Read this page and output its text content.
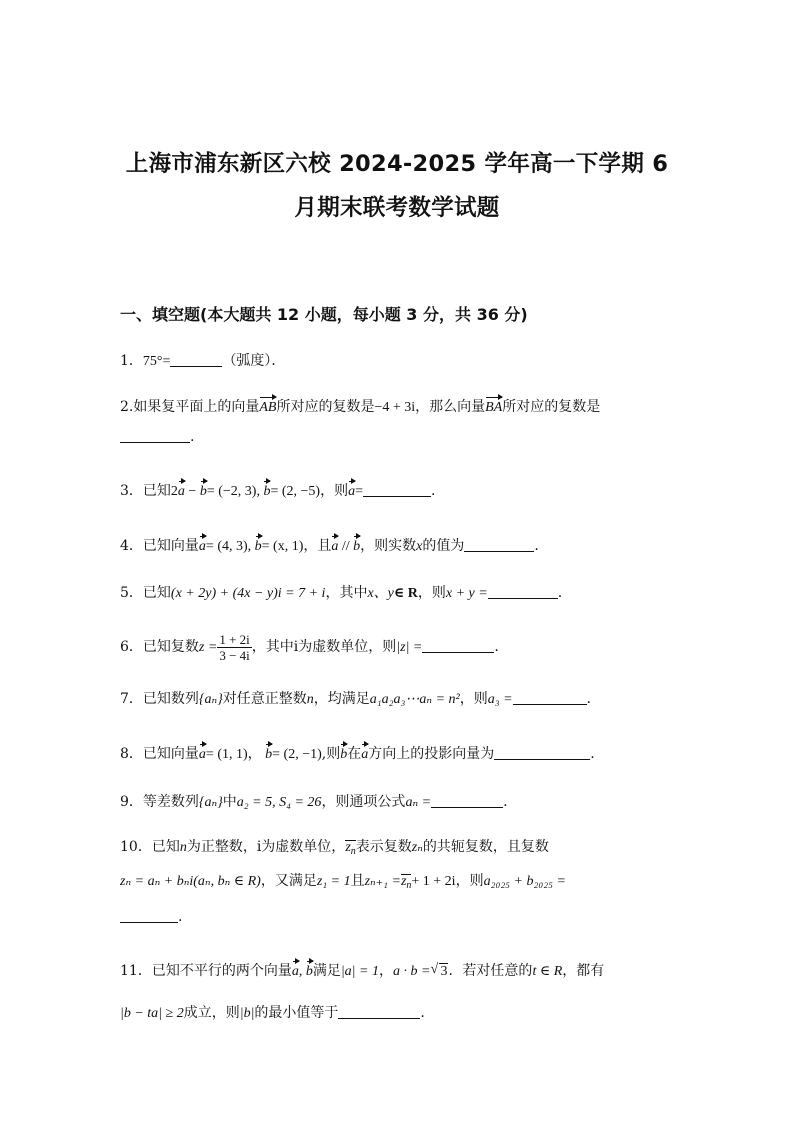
上海市浦东新区六校 2024-2025 学年高一下学期 6
月期末联考数学试题
一、填空题(本大题共 12 小题，每小题 3 分，共 36 分)
1．75°=	（弧度）．
2.如果复平面上的向量AB所对应的复数是−4 + 3i，那么向量BA所对应的复数是
.
3．已知2a − b= (−2, 3), b= (2, −5)，则a=	.
4．已知向量a= (4, 3), b= (x, 1)，且a // b，则实数x的值为	.
5．已知(x + 2y) + (4x − y)i = 7 + i，其中x、y∈ R，则x + y =	.
6．已知复数$z = \frac{1 + 2i}{3 - 4i}$ ，其中i为虚数单位，则|z| =	.
7．已知数列{aₙ}对任意正整数n，均满足a₁a₂a₃⋯aₙ = n²，则a₃ =	.
8．已知向量a= (1, 1)， b= (2, −1),则b在a方向上的投影向量为	.
9．等差数列{aₙ}中a₂ = 5, S₄ = 26，则通项公式aₙ =	.
10．已知n为正整数，i为虚数单位，$z_n$表示复数zₙ的共轭复数，且复数
zₙ = aₙ + bₙi(aₙ, bₙ ∈ R)，又满足z₁ = 1且$z_{n+1} =z_n+ 1 + 2i$，则a₂₀₂₅ + b₂₀₂₅ =
.
11．已知不平行的两个向量a, b满足|a| = 1，a · b =√ 3．若对任意的t ∈ R，都有
|b − ta| ≥ 2成立，则|b|的最小值等于	.
